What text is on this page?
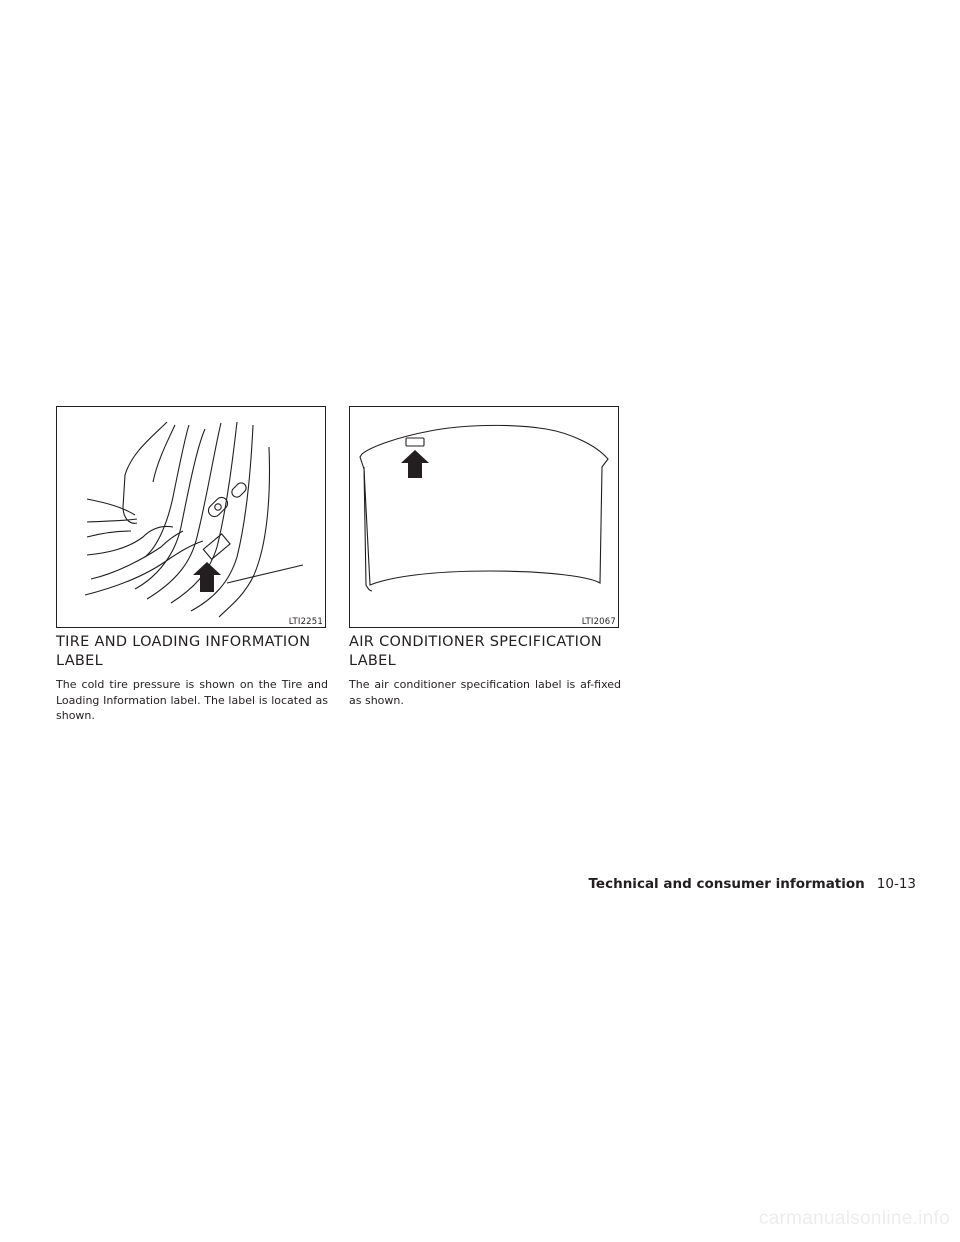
LTI2251	LTI2067
TIRE AND LOADING INFORMATION LABEL

The cold tire pressure is shown on the Tire and Loading Information label. The label is located as shown.

AIR CONDITIONER SPECIFICATION LABEL

The air conditioner specification label is af-fixed as shown.

Technical and consumer information 10-13
carmanualsonline.info
